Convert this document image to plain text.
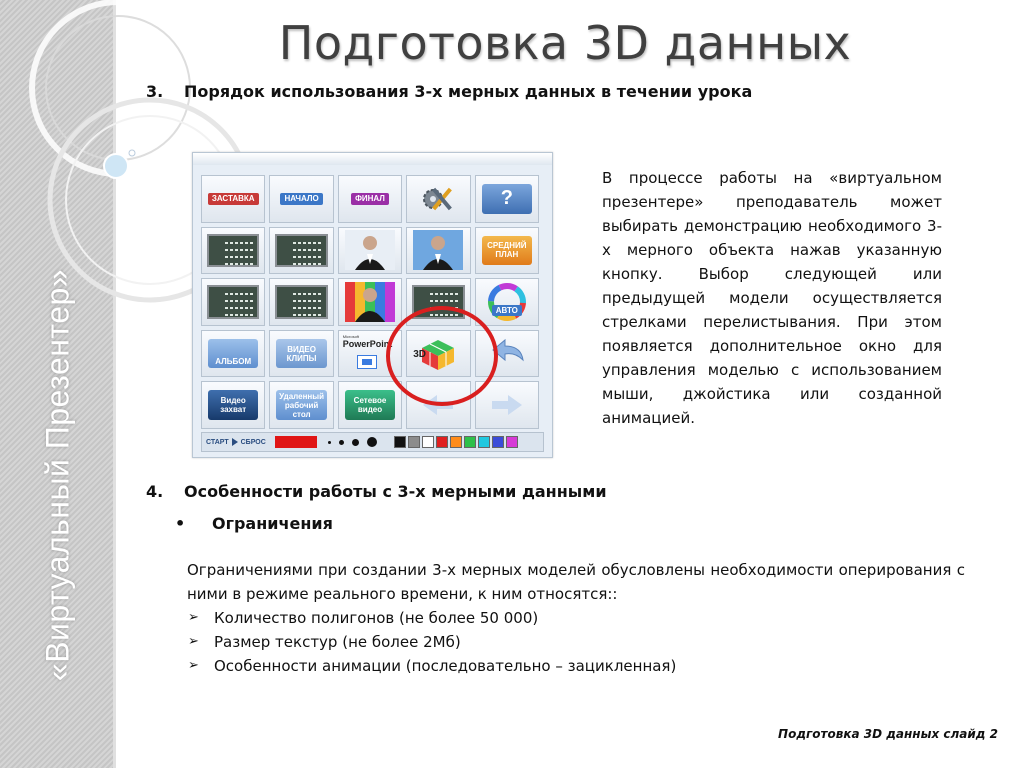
«Виртуальный Презентер»
Подготовка 3D данных
3. Порядок использования 3-х мерных данных в течении урока
ЗАСТАВКА	НАЧАЛО	ФИНАЛ	?
СРЕДНИЙ ПЛАН
АВТО
АЛЬБОМ
ВИДЕО КЛИПЫ
Microsoft
PowerPoint
3D
Видео захват
Удаленный рабочий стол
Сетевое видео
СТАРТ СБРОС
В процессе работы на «виртуальном презентере» преподаватель может выбирать демонстрацию необходимого 3-х мерного объекта нажав указанную кнопку. Выбор следующей или предыдущей модели осуществляется стрелками перелистывания. При этом появляется дополнительное окно для управления моделью с использованием мыши, джойстика или созданной анимацией.
4. Особенности работы с 3-х мерными данными
• Ограничения
Ограничениями при создании 3-х мерных моделей обусловлены необходимости оперирования с ними в режиме реального времени, к ним относятся::
➢ Количество полигонов (не более 50 000)
➢ Размер текстур (не более 2Мб)
➢ Особенности анимации (последовательно – зацикленная)
Подготовка 3D данных слайд 2
